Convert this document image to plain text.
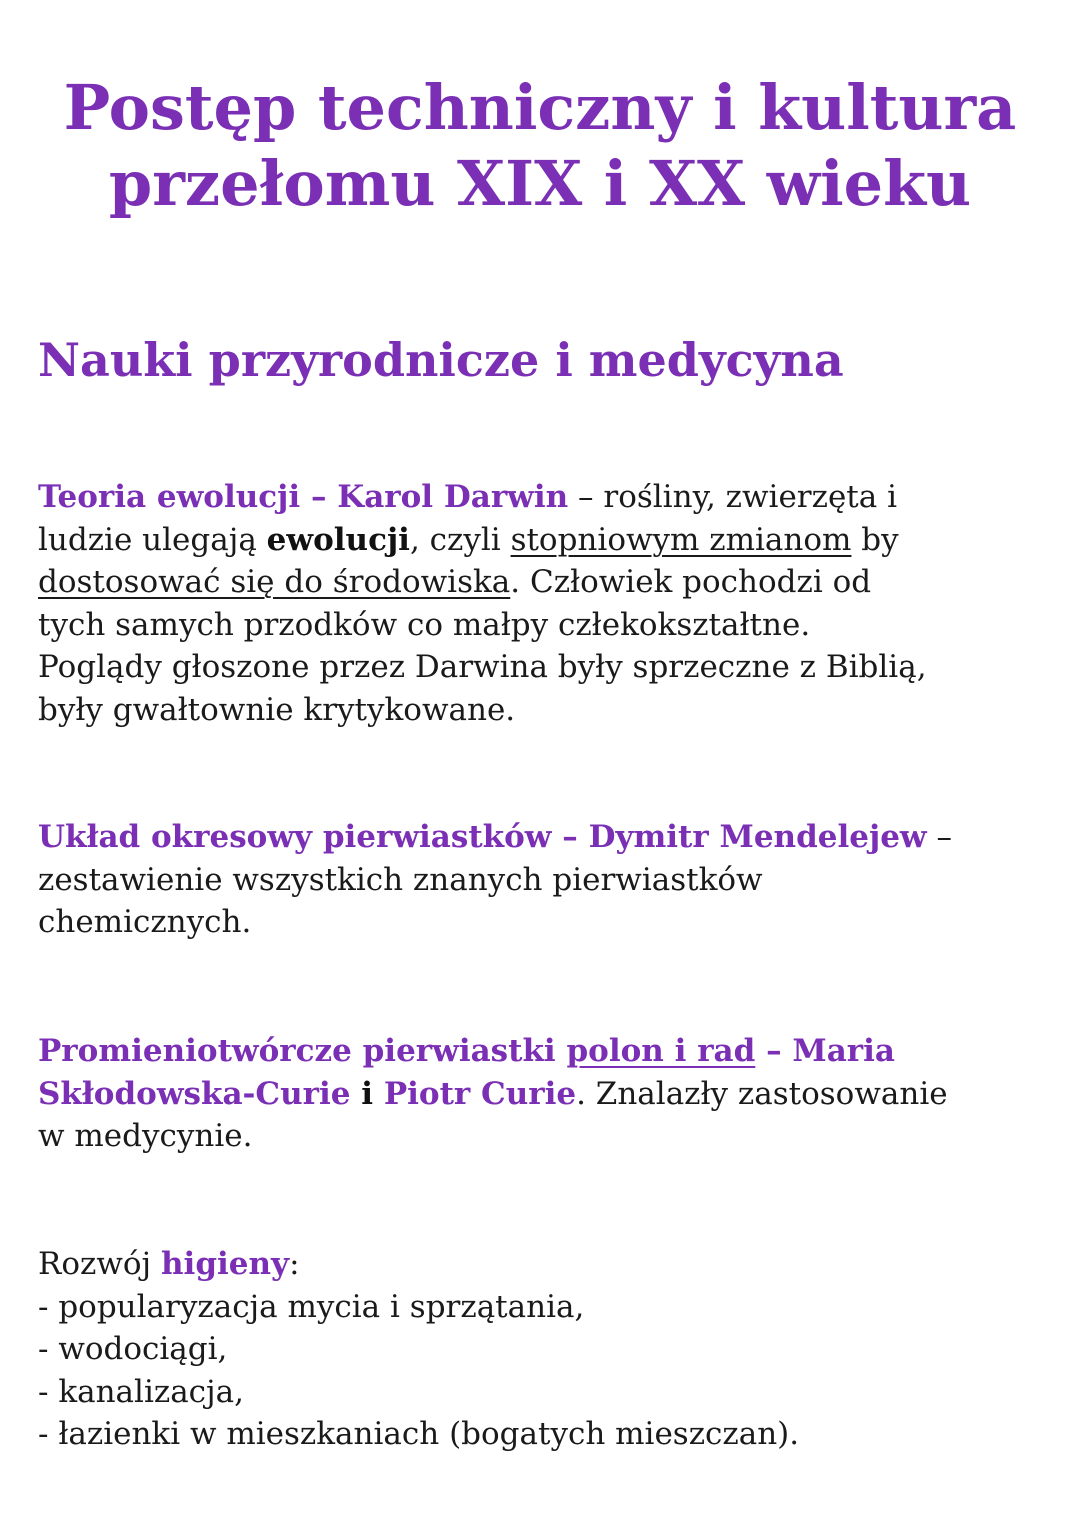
Postęp techniczny i kultura
przełomu XIX i XX wieku
Nauki przyrodnicze i medycyna

Teoria ewolucji – Karol Darwin – rośliny, zwierzęta i
ludzie ulegają ewolucji, czyli stopniowym zmianom by
dostosować się do środowiska. Człowiek pochodzi od
tych samych przodków co małpy człekokształtne.
Poglądy głoszone przez Darwina były sprzeczne z Biblią,
były gwałtownie krytykowane.

Układ okresowy pierwiastków – Dymitr Mendelejew –
zestawienie wszystkich znanych pierwiastków
chemicznych.

Promieniotwórcze pierwiastki polon i rad – Maria
Skłodowska-Curie i Piotr Curie. Znalazły zastosowanie
w medycynie.

Rozwój higieny:
- popularyzacja mycia i sprzątania,
- wodociągi,
- kanalizacja,
- łazienki w mieszkaniach (bogatych mieszczan).
